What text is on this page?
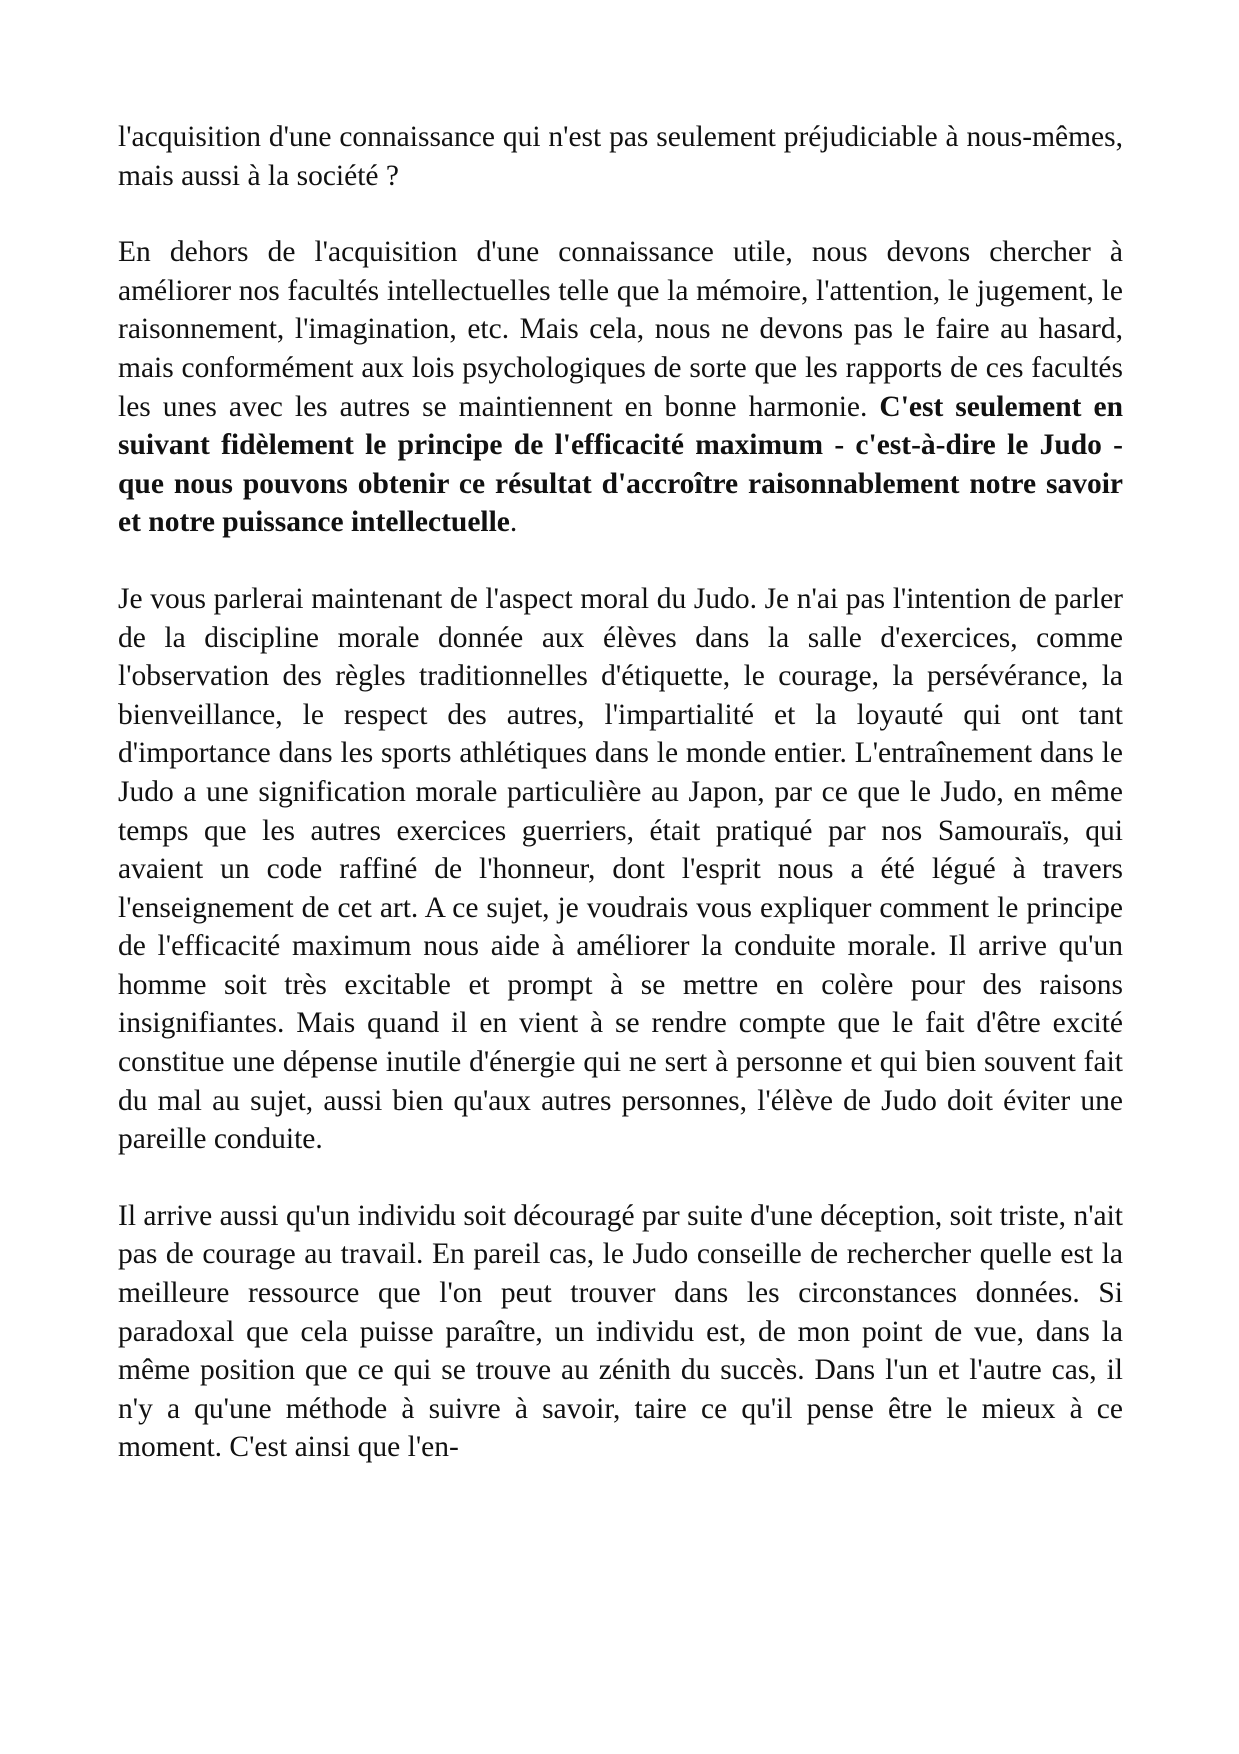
l'acquisition d'une connaissance qui n'est pas seulement préjudiciable à nous-mêmes, mais aussi à la société ?

En dehors de l'acquisition d'une connaissance utile, nous devons chercher à améliorer nos facultés intellectuelles telle que la mémoire, l'attention, le jugement, le raisonnement, l'imagination, etc. Mais cela, nous ne devons pas le faire au hasard, mais conformément aux lois psychologiques de sorte que les rapports de ces facultés les unes avec les autres se maintiennent en bonne harmonie. C'est seulement en suivant fidèlement le principe de l'efficacité maximum - c'est-à-dire le Judo - que nous pouvons obtenir ce résultat d'accroître raisonnablement notre savoir et notre puissance intellectuelle.

Je vous parlerai maintenant de l'aspect moral du Judo. Je n'ai pas l'intention de parler de la discipline morale donnée aux élèves dans la salle d'exercices, comme l'observation des règles traditionnelles d'étiquette, le courage, la persévérance, la bienveillance, le respect des autres, l'impartialité et la loyauté qui ont tant d'importance dans les sports athlétiques dans le monde entier. L'entraînement dans le Judo a une signification morale particulière au Japon, par ce que le Judo, en même temps que les autres exercices guerriers, était pratiqué par nos Samouraïs, qui avaient un code raffiné de l'honneur, dont l'esprit nous a été légué à travers l'enseignement de cet art. A ce sujet, je voudrais vous expliquer comment le principe de l'efficacité maximum nous aide à améliorer la conduite morale. Il arrive qu'un homme soit très excitable et prompt à se mettre en colère pour des raisons insignifiantes. Mais quand il en vient à se rendre compte que le fait d'être excité constitue une dépense inutile d'énergie qui ne sert à personne et qui bien souvent fait du mal au sujet, aussi bien qu'aux autres personnes, l'élève de Judo doit éviter une pareille conduite.

Il arrive aussi qu'un individu soit découragé par suite d'une déception, soit triste, n'ait pas de courage au travail. En pareil cas, le Judo conseille de rechercher quelle est la meilleure ressource que l'on peut trouver dans les circonstances données. Si paradoxal que cela puisse paraître, un individu est, de mon point de vue, dans la même position que ce qui se trouve au zénith du succès. Dans l'un et l'autre cas, il n'y a qu'une méthode à suivre à savoir, taire ce qu'il pense être le mieux à ce moment. C'est ainsi que l'en-
